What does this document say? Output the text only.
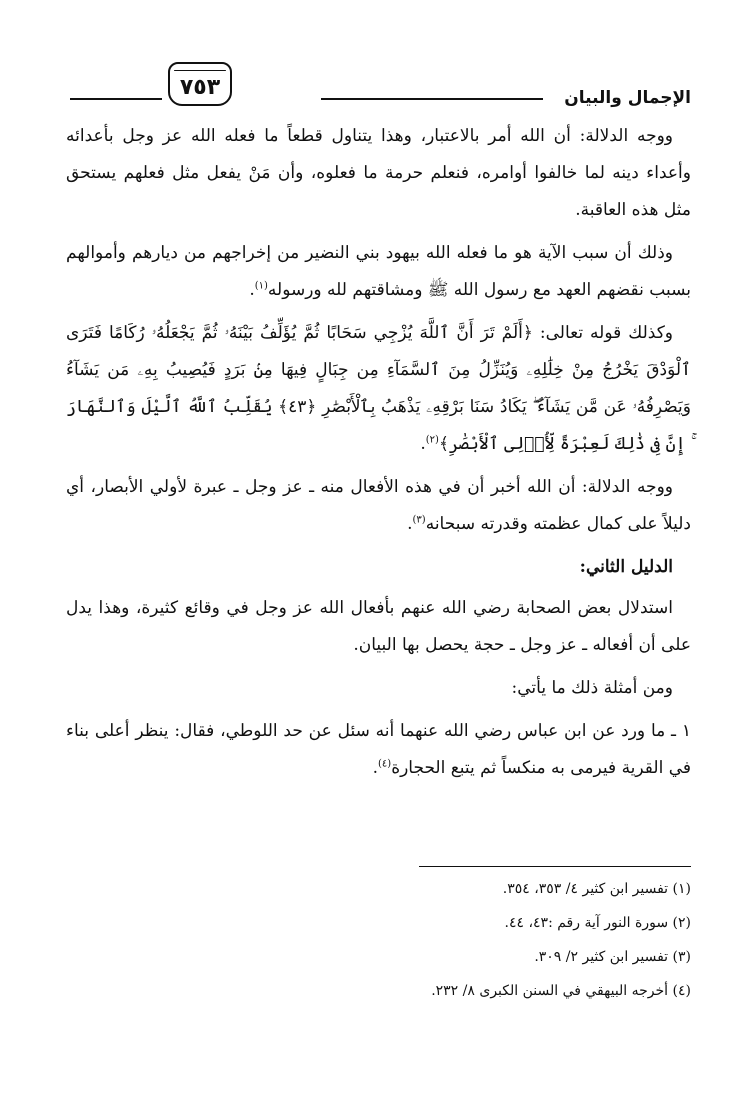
الإجمال والبيان
٧٥٣

ووجه الدلالة: أن الله أمر بالاعتبار، وهذا يتناول قطعاً ما فعله الله عز وجل بأعدائه وأعداء دينه لما خالفوا أوامره، فنعلم حرمة ما فعلوه، وأن مَنْ يفعل مثل فعلهم يستحق مثل هذه العاقبة.

وذلك أن سبب الآية هو ما فعله الله بيهود بني النضير من إخراجهم من ديارهم وأموالهم بسبب نقضهم العهد مع رسول الله ﷺ ومشاقتهم لله ورسوله$^{(١)}$.

وكذلك قوله تعالى: ﴿أَلَمْ تَرَ أَنَّ ٱللَّهَ يُزْجِي سَحَابًا ثُمَّ يُؤَلِّفُ بَيْنَهُۥ ثُمَّ يَجْعَلُهُۥ رُكَامًا فَتَرَى ٱلْوَدْقَ يَخْرُجُ مِنْ خِلَٰلِهِۦ وَيُنَزِّلُ مِنَ ٱلسَّمَآءِ مِن جِبَالٍ فِيهَا مِنۢ بَرَدٍ فَيُصِيبُ بِهِۦ مَن يَشَآءُ وَيَصْرِفُهُۥ عَن مَّن يَشَآءُ ۖ يَكَادُ سَنَا بَرْقِهِۦ يَذْهَبُ بِٱلْأَبْصَٰرِ ﴿٤٣﴾ يُقَلِّبُ ٱللَّهُ ٱلَّيْلَ وَٱلنَّهَارَ ۚ إِنَّ فِى ذَٰلِكَ لَعِبْرَةً لِّأُو۟لِى ٱلْأَبْصَٰرِ﴾$^{(٢)}$.

ووجه الدلالة: أن الله أخبر أن في هذه الأفعال منه ـ عز وجل ـ عبرة لأولي الأبصار، أي دليلاً على كمال عظمته وقدرته سبحانه$^{(٣)}$.

الدليل الثاني:

استدلال بعض الصحابة رضي الله عنهم بأفعال الله عز وجل في وقائع كثيرة، وهذا يدل على أن أفعاله ـ عز وجل ـ حجة يحصل بها البيان.

ومن أمثلة ذلك ما يأتي:

١ ـ ما ورد عن ابن عباس رضي الله عنهما أنه سئل عن حد اللوطي، فقال: ينظر أعلى بناء في القرية فيرمى به منكساً ثم يتبع الحجارة$^{(٤)}$.

(١) تفسير ابن كثير ٤/ ٣٥٣، ٣٥٤.
(٢) سورة النور آية رقم :٤٣، ٤٤.
(٣) تفسير ابن كثير ٢/ ٣٠٩.
(٤) أخرجه البيهقي في السنن الكبرى ٨/ ٢٣٢.
